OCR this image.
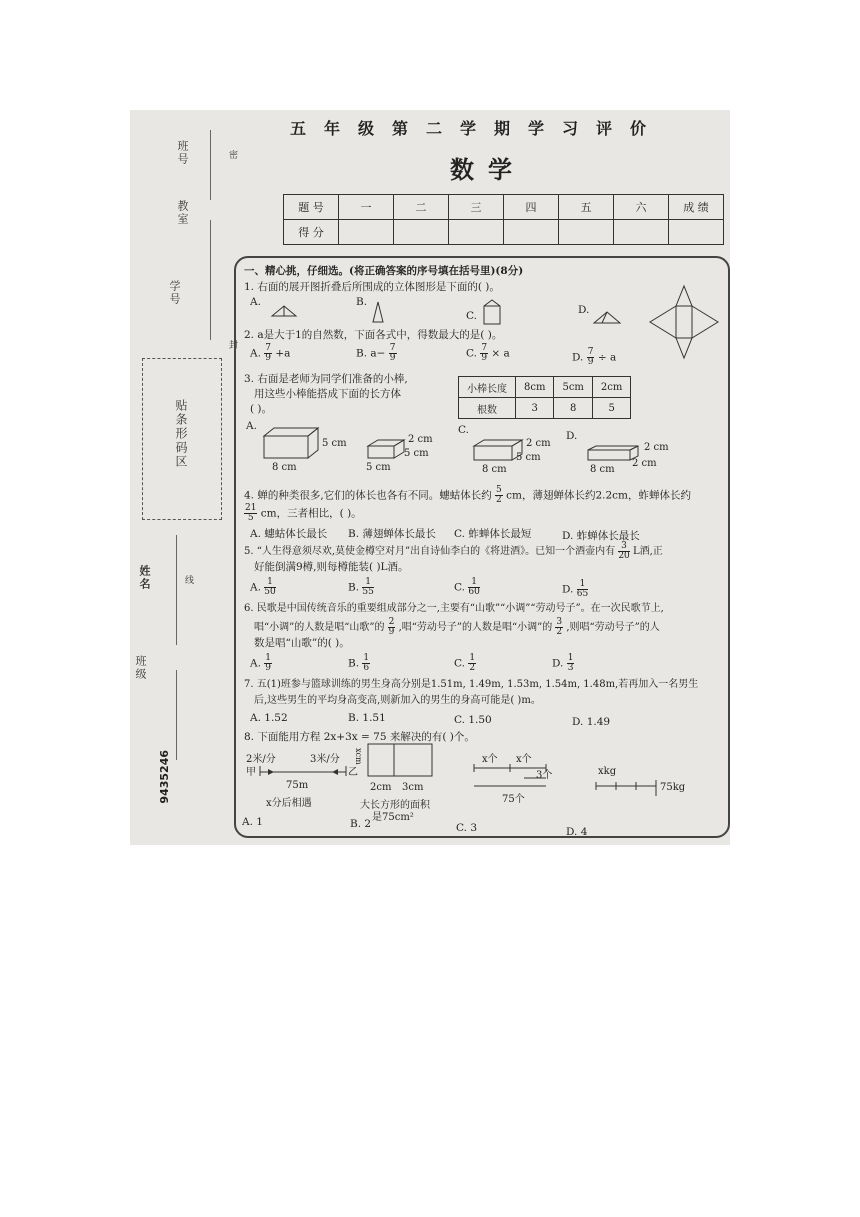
班号
教室
学号
密
封
贴条形码区
姓名	线
班级
9435246
五年级第二学期学习评价
数学
题 号	一	二	三	四	五	六	成 绩
得 分							
一、精心挑，仔细选。(将正确答案的序号填在括号里)(8分)
1. 右面的展开图折叠后所围成的立体图形是下面的( )。
A.	B.
C.	D.
2. a是大于1的自然数，下面各式中，得数最大的是( )。
A. $\frac{7}{9} +a$	B. $a- \frac{7}{9}$	C. $\frac{7}{9} \times a$	D. $\frac{7}{9} \div a$
3. 右面是老师为同学们准备的小棒,
用这些小棒能搭成下面的长方体
( )。
小棒长度	8cm	5cm	2cm
根数	3	8	5
A.
5 cm
8 cm
2 cm
5 cm
5 cm
C.
2 cm
5 cm
8 cm
D.
2 cm
8 cm
2 cm
4. 蝉的种类很多,它们的体长也各有不同。蟪蛄体长约 $\frac{5}{2}$ cm，薄翅蝉体长约2.2cm，蚱蝉体长约
$\frac{21}{5}$ cm，三者相比，( )。
A. 蟪蛄体长最长 B. 薄翅蝉体长最长 C. 蚱蝉体长最短	D. 蚱蝉体长最长
5. “人生得意须尽欢,莫使金樽空对月”出自诗仙李白的《将进酒》。已知一个酒壶内有 $\frac{3}{20}$ L酒,正
好能倒满9樽,则每樽能装( )L酒。
A. $\frac{1}{50}$	B. $\frac{1}{55}$	C. $\frac{1}{60}$	D. $\frac{1}{65}$
6. 民歌是中国传统音乐的重要组成部分之一,主要有“山歌”“小调”“劳动号子”。在一次民歌节上,
唱“小调”的人数是唱“山歌”的 $\frac{2}{9}$ ,唱“劳动号子”的人数是唱“小调”的 $\frac{3}{2}$ ,则唱“劳动号子”的人
数是唱“山歌”的( )。
A. $\frac{1}{9}$	B. $\frac{1}{6}$	C. $\frac{1}{2}$	D. $\frac{1}{3}$
7. 五(1)班参与篮球训练的男生身高分别是1.51m, 1.49m, 1.53m, 1.54m, 1.48m,若再加入一名男生
后,这些男生的平均身高变高,则新加入的男生的身高可能是( )m。
A. 1.52	B. 1.51	C. 1.50	D. 1.49
8. 下面能用方程 2x+3x = 75 来解决的有( )个。
2米/分	3米/分
甲	乙
75m
x分后相遇
xcm
2cm 3cm
大长方形的面积
是75cm²
x个 x个
3个
75个
xkg
75kg
A. 1	B. 2	C. 3	D. 4
